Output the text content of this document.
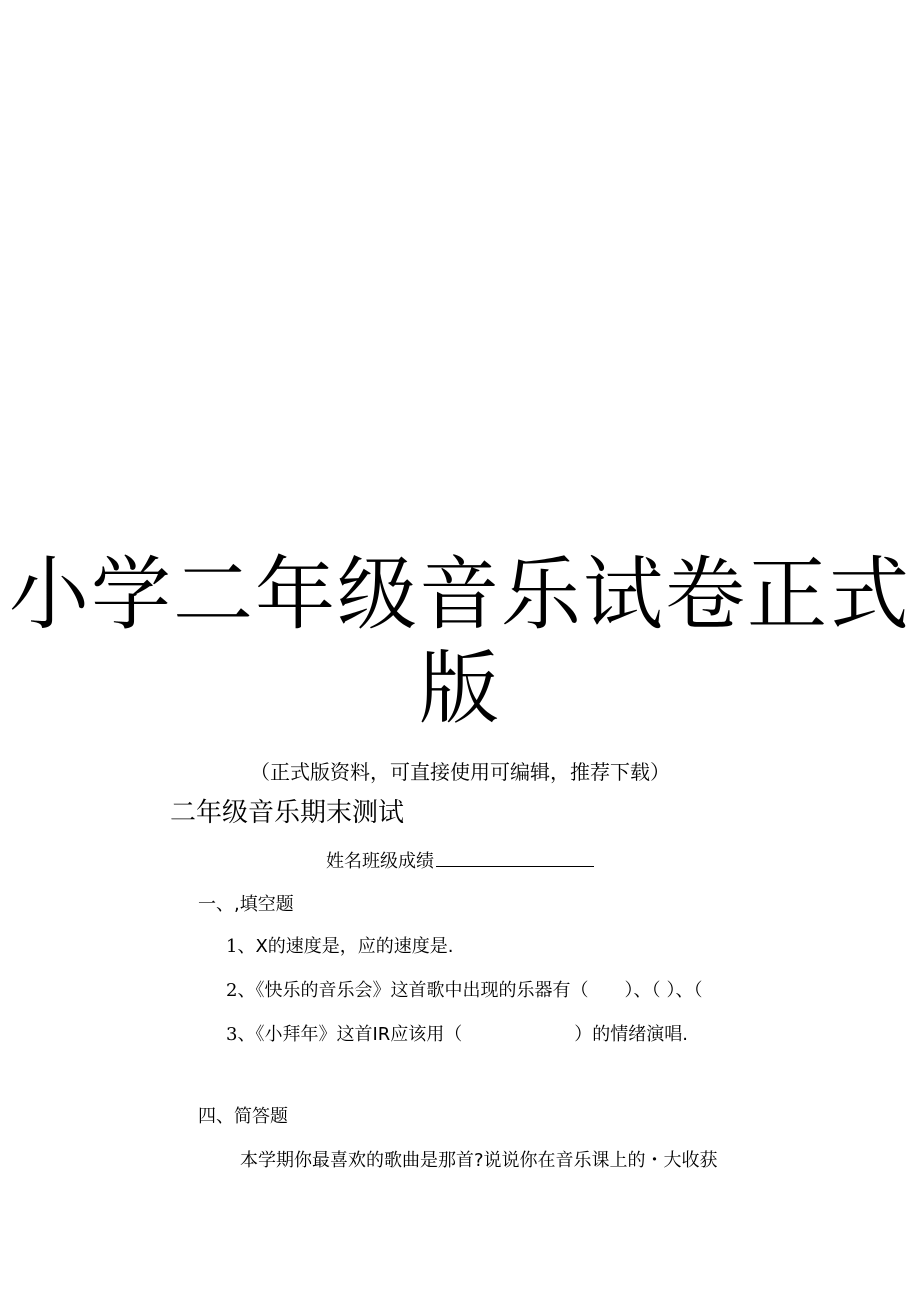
小学二年级音乐试卷正式
版
（正式版资料，可直接使用可编辑，推荐下载）
二年级音乐期末测试
姓名班级成绩
一、,填空题
1、X的速度是，应的速度是.
2、《快乐的音乐会》这首歌中出现的乐器有（ ）、（ ）、（
3、《小拜年》这首IR应该用（	）的情绪演唱.
四、简答题
本学期你最喜欢的歌曲是那首?说说你在音乐课上的・大收获
